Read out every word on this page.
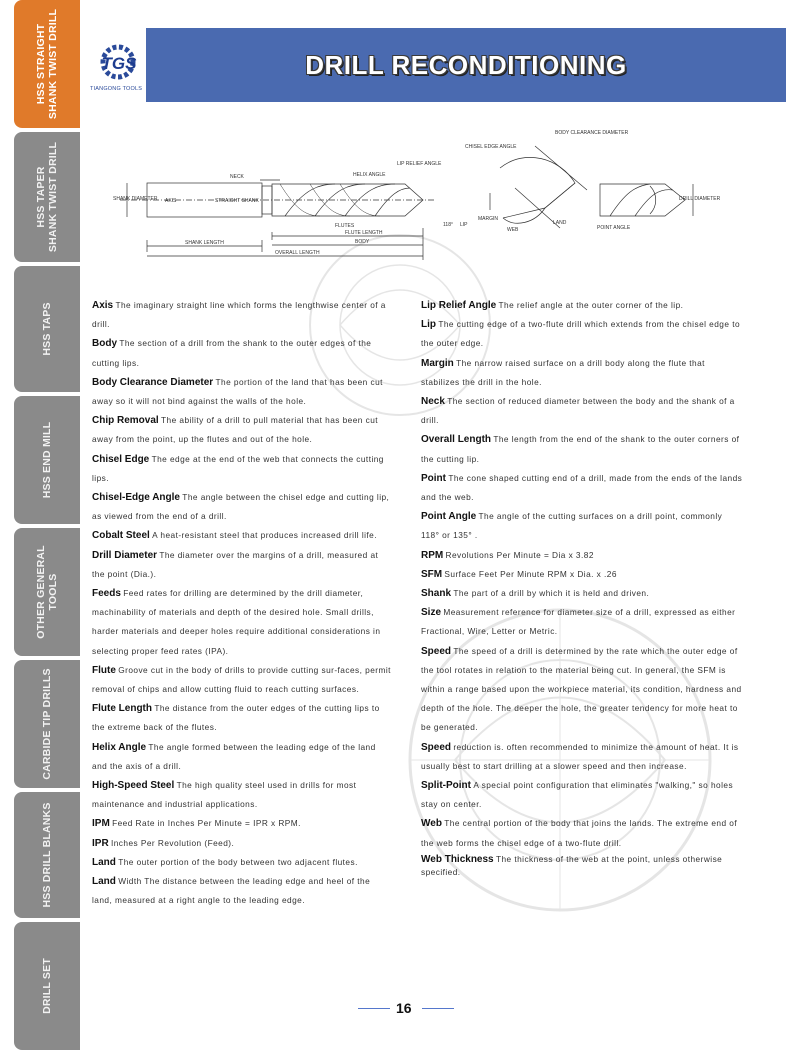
HSS STRAIGHT
SHANK TWIST DRILL
HSS TAPER
SHANK TWIST DRILL
HSS TAPS
HSS END MILL
OTHER GENERAL
TOOLS
CARBIDE TIP DRILLS
HSS DRILL BLANKS
DRILL SET
TGS
TIANGONG TOOLS
DRILL RECONDITIONING
SHANK DIAMETER AXIS	STRAIGHT SHANK
NECK	HELIX ANGLE
LIP RELIEF ANGLE
FLUTES
FLUTE LENGTH
BODY
SHANK LENGTH
OVERALL LENGTH
CHISEL EDGE ANGLE
BODY CLEARANCE DIAMETER
MARGIN
WEB
LIP
118°	LAND
POINT ANGLE
DRILL DIAMETER

Axis The imaginary straight line which forms the lengthwise center of a drill.

Body The section of a drill from the shank to the outer edges of the cutting lips.

Body Clearance Diameter The portion of the land that has been cut away so it will not bind against the walls of the hole.

Chip Removal The ability of a drill to pull material that has been cut away from the point, up the flutes and out of the hole.

Chisel Edge The edge at the end of the web that connects the cutting lips.

Chisel-Edge Angle The angle between the chisel edge and cutting lip, as viewed from the end of a drill.

Cobalt Steel A heat-resistant steel that produces increased drill life.

Drill Diameter The diameter over the margins of a drill, measured at the point (Dia.).

Feeds Feed rates for drilling are determined by the drill diameter, machinability of materials and depth of the desired hole. Small drills, harder materials and deeper holes require additional considerations in selecting proper feed rates (IPA).

Flute Groove cut in the body of drills to provide cutting sur-faces, permit removal of chips and allow cutting fluid to reach cutting surfaces.

Flute Length The distance from the outer edges of the cutting lips to the extreme back of the flutes.

Helix Angle The angle formed between the leading edge of the land and the axis of a drill.

High-Speed Steel The high quality steel used in drills for most maintenance and industrial applications.

IPM Feed Rate in Inches Per Minute = IPR x RPM.

IPR Inches Per Revolution (Feed).

Land The outer portion of the body between two adjacent flutes.

Land Width The distance between the leading edge and heel of the land, measured at a right angle to the leading edge.

Lip Relief Angle The relief angle at the outer corner of the lip.

Lip The cutting edge of a two-flute drill which extends from the chisel edge to the outer edge.

Margin The narrow raised surface on a drill body along the flute that stabilizes the drill in the hole.

Neck The section of reduced diameter between the body and the shank of a drill.

Overall Length The length from the end of the shank to the outer corners of the cutting lip.

Point The cone shaped cutting end of a drill, made from the ends of the lands and the web.

Point Angle The angle of the cutting surfaces on a drill point, commonly 118° or 135° .

RPM Revolutions Per Minute = Dia x 3.82

SFM Surface Feet Per Minute RPM x Dia. x .26

Shank The part of a drill by which it is held and driven.

Size Measurement reference for diameter size of a drill, expressed as either Fractional, Wire, Letter or Metric.

Speed The speed of a drill is determined by the rate which the outer edge of the tool rotates in relation to the material being cut. In general, the SFM is within a range based upon the workpiece material, its condition, hardness and depth of the hole. The deeper the hole, the greater tendency for more heat to be generated.

Speed reduction is. often recommended to minimize the amount of heat. It is usually best to start drilling at a slower speed and then increase.

Split-Point A special point configuration that eliminates "walking," so holes stay on center.

Web The central portion of the body that joins the lands. The extreme end of the web forms the chisel edge of a two-flute drill.

Web Thickness The thickness of the web at the point, unless otherwise specified.

16
